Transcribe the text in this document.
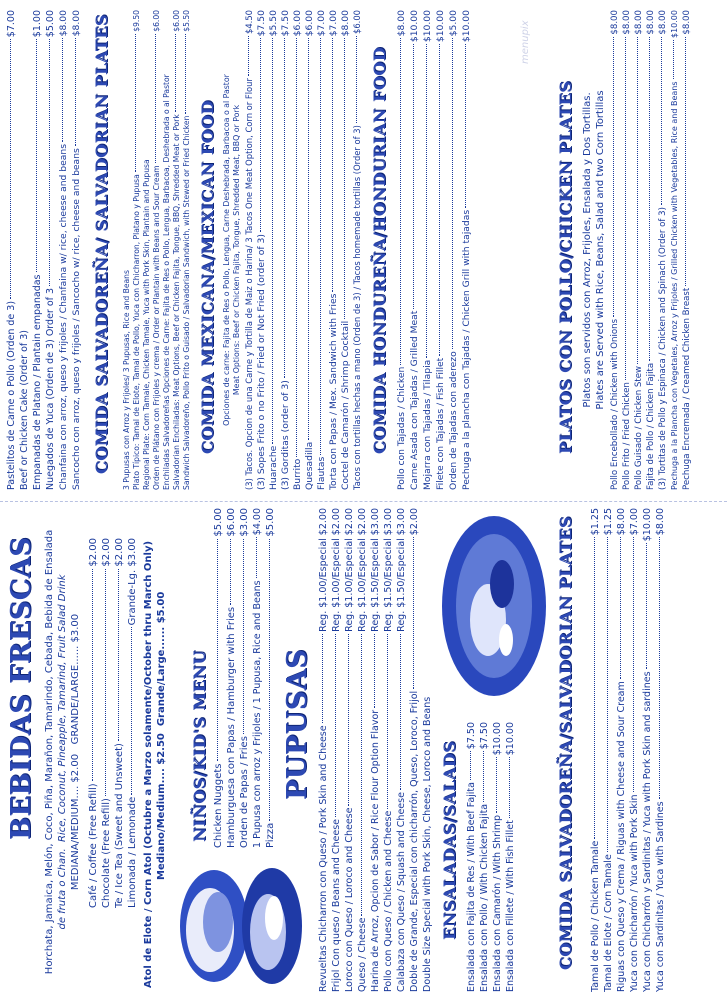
BEBIDAS FRESCAS Horchata, Jamaica, Melón, Coco, Piña, Marañon, Tamarindo, Cebada, Bebida de Ensalada de fruta o Chan.  Rice, Coconut, Pineapple, Tamarind, Fruit Salad Drink MEDIANA/MEDIUM.... $2.00   GRANDE/LARGE...... $3.00 Café / Coffee (Free Refill)
$2.00
Chocolate (Free Refill)
$2.00
Te / Ice Tea (Sweet and Unsweet)
$2.00
Limonada / Lemonade
Grande-Lg. $3.00 Atol de Elote / Corn Atol (Octubre a Marzo solamente/October thru March Only) Mediano/Medium.... $2.50  Grande/Large...... $5.00 NIÑOS/KID'S MENU Chicken Nuggets
$5.00
Hamburguesa con Papas / Hamburger with Fries
$6.00
Orden de Papas / Fries
$3.00
1 Pupusa con arroz y Frijoles / 1 Pupusa, Rice and Beans
$4.00
Pizza
$5.00
PUPUSAS
Revueltas Chicharron con Queso / Pork Skin and Cheese
Reg. $1.00/Especial $2.00
Frijol Con queso / Beans and Cheese
Reg. $1.00/Especial $2.00
Loroco con Queso / Loroco and Cheese
Reg. $1.00/Especial $2.00
Queso / Cheese
Reg. $1.00/Especial $2.00
Harina de Arroz, Opcion de Sabor / Rice Flour Option Flavor
Reg. $1.50/Especial $3.00
Pollo con Queso / Chicken and Cheese
Reg. $1.50/Especial $3.00
Calabaza con Queso / Squash and Cheese
Reg. $1.50/Especial $3.00
Doble de Grande, Especial con chicharrón, Queso, Loroco, Frijol
$2.00
Double Size Special with Pork Skin, Cheese, Loroco and Beans ENSALADAS/SALADS Ensalada con Fajita de Res / With Beef Fajita
$7.50
Ensalada con Pollo / With Chicken Fajita
$7.50
Ensalada con Camarón / With Shrimp
$10.00
Ensalada con Fillete / With Fish Fillet
$10.00	COMIDA SALVADOREÑA/SALVADORIAN PLATES Tamal de Pollo / Chicken Tamale
$1.25
Tamal de Elote / Corn Tamale
$1.25
Riguas con Queso y Crema / Riguas with Cheese and Sour Cream
$8.00
Yuca con Chicharrón / Yuca with Pork Skin
$7.00
Yuca con Chicharrón y Sardinitas / Yuca with Pork Skin and sardines
$10.00
Yuca con Sardinitas / Yuca with Sardines
$8.00
Pastelitos de Carne o Pollo (Orden de 3)
$7.00
Beef or Chicken Cake (Order of 3) Empanadas de Platano / Plantain empanadas
$1.00
Nuegados de Yuca (Orden de 3) Order of 3
$5.00
Chanfaina con arroz, queso y frijoles / Chanfaina w/ rice, cheese and beans
$8.00
Sancocho con arroz, queso y frijoles / Sancocho w/ rice, cheese and beans
$8.00 COMIDA SALVADOREÑA/ SALVADORIAN PLATES 3 Pupusas con Arroz y Frijoles/ 3 Pupusas, Rice and Beans Plato Típico: Tamal de Elote, Tamal de Pollo, Yuca con Chicharron, Platano y Pupusa
$9.50
Regional Plate: Corn Tamale, Chicken Tamale, Yuca with Pork Skin, Plantain and Pupusa Orden de Plátano con Frijoles y crema / Order or Plantain with Beans and Sour Cream
$6.00
Enchiladas Salvadoreñas Opciones de Carne: Fajita de Res o Pollo, Lengua, Barbacoa, Deshebrada o al Pastor Salvadorian Enchiladas: Meat Options, Beef or Chicken Fajita, Tongue, BBQ, Shredded Meat or Pork
$6.00
Sandwich Salvadoreño, Pollo Frito o Guisado / Salvadorian Sandwich, with Stewed or Fried Chicken
$5.50
COMIDA MEXICANA/MEXICAN FOOD Opciones de carne: Fajita de Res o Pollo, Lengua, Carne Deshebrada, Barbacoa o al Pastor Meat Options: Beef or Chicken Fajita, Tongue, Shredded Meat, BBQ or Pork (3) Tacos. Opcion de una Carne y Tortilla de Maiz o Harina/ 3 Tacos One Meat Option, Corn or Flour
$4.50
(3) Sopes Frito o no Frito / Fried or Not Fried (order of 3)
$7.50
Huarache
$5.50
(3) Gorditas (order of 3)
$7.50
Burrito
$6.00
Quesadilla
$6.00
Flautas
$7.00
Torta con Papas / Mex. Sandwich with Fries
$7.00
Coctel de Camarón / Shrimp Cocktail
$8.00
Tacos con tortillas hechas a mano (Orden de 3) / Tacos homemade tortillas (Order of 3)
$6.00
COMIDA HONDUREÑA/HONDURIAN FOOD Pollo con Tajadas / Chicken
$8.00
Carne Asada con Tajadas / Grilled Meat
$10.00
Mojarra con Tajadas / Tilapia
$10.00
Filete con Tajadas / Fish Fillet
$10.00
Orden de Tajadas con aderezo
$5.00
Pechuga a la plancha con Tajadas / Chicken Grill with tajadas
$10.00
PLATOS CON POLLO/CHICKEN PLATES Platos son servidos con Arroz, Frijoles, Ensalada y Dos Tortillas. Plates are Served with Rice, Beans, Salad and two Corn Tortillas Pollo Encebollado / Chicken with Onions
$8.00
Pollo Frito / Fried Chicken
$8.00
Pollo Guisado / Chicken Stew
$8.00
Fajita de Pollo / Chicken Fajita
$8.00
(3) Tortitas de Pollo y Espinaca / Chicken and Spinach (Order of 3)
$8.00
Pechuga a la Plancha con Vegetales, Arroz y Frijoles / Grilled Chicken with Vegetables, Rice and Beans
$10.00
Pechuga Encremada / Creamed Chicken Breast
$8.00
menupix
